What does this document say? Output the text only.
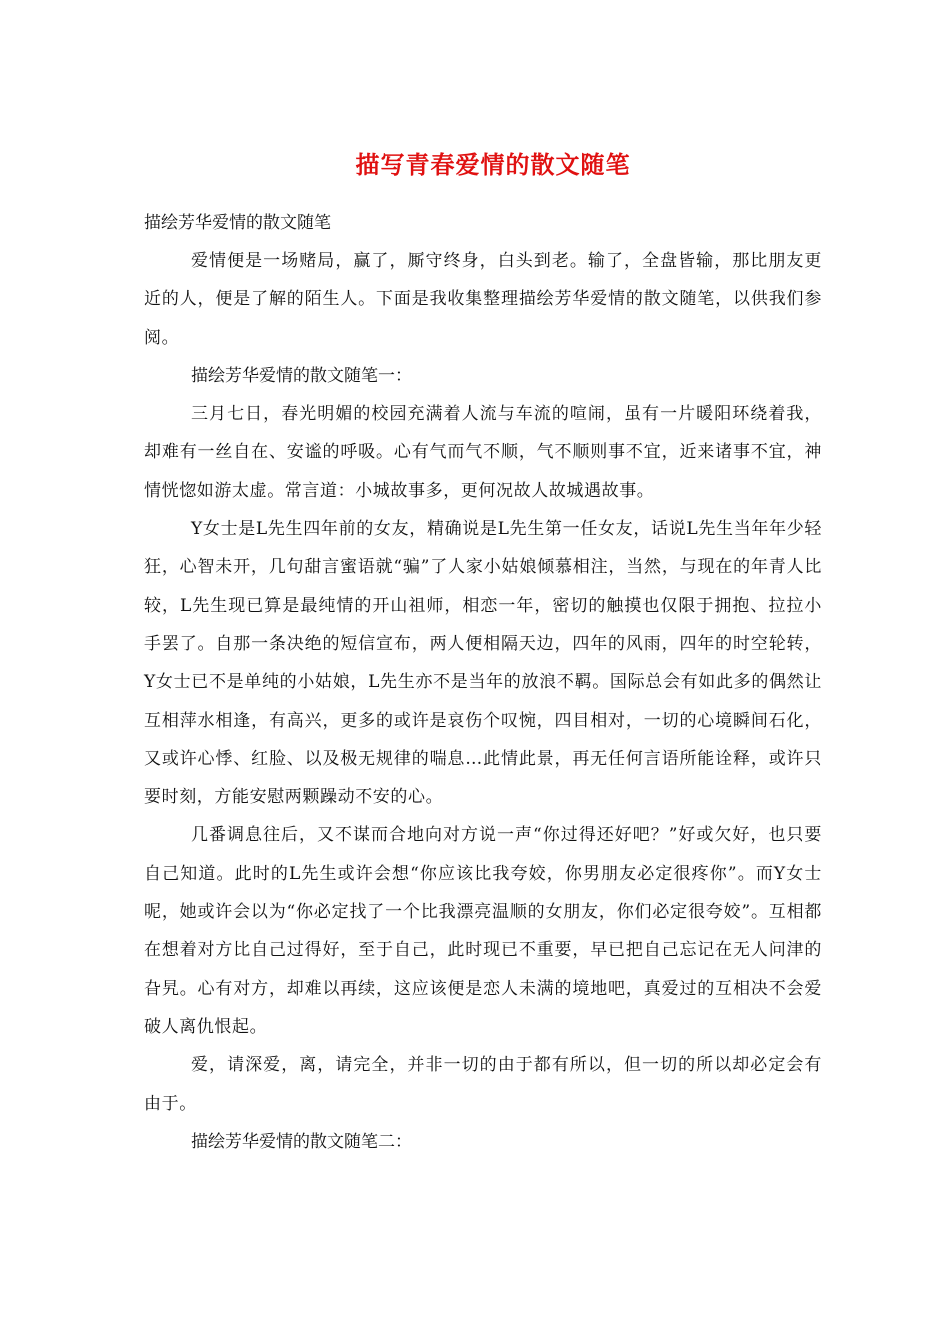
描写青春爱情的散文随笔

描绘芳华爱情的散文随笔

爱情便是一场赌局，赢了，厮守终身，白头到老。输了，全盘皆输，那比朋友更近的人，便是了解的陌生人。下面是我收集整理描绘芳华爱情的散文随笔，以供我们参阅。

描绘芳华爱情的散文随笔一：

三月七日，春光明媚的校园充满着人流与车流的喧闹，虽有一片暖阳环绕着我，却难有一丝自在、安谧的呼吸。心有气而气不顺，气不顺则事不宜，近来诸事不宜，神情恍惚如游太虚。常言道：小城故事多，更何况故人故城遇故事。

Y女士是L先生四年前的女友，精确说是L先生第一任女友，话说L先生当年年少轻狂，心智未开，几句甜言蜜语就“骗”了人家小姑娘倾慕相注，当然，与现在的年青人比较，L先生现已算是最纯情的开山祖师，相恋一年，密切的触摸也仅限于拥抱、拉拉小手罢了。自那一条决绝的短信宣布，两人便相隔天边，四年的风雨，四年的时空轮转，Y女士已不是单纯的小姑娘，L先生亦不是当年的放浪不羁。国际总会有如此多的偶然让互相萍水相逢，有高兴，更多的或许是哀伤个叹惋，四目相对，一切的心境瞬间石化，又或许心悸、红脸、以及极无规律的喘息…此情此景，再无任何言语所能诠释，或许只要时刻，方能安慰两颗躁动不安的心。

几番调息往后，又不谋而合地向对方说一声“你过得还好吧？”好或欠好，也只要自己知道。此时的L先生或许会想“你应该比我夸姣，你男朋友必定很疼你”。而Y女士呢，她或许会以为“你必定找了一个比我漂亮温顺的女朋友，你们必定很夸姣”。互相都在想着对方比自己过得好，至于自己，此时现已不重要，早已把自己忘记在无人问津的旮旯。心有对方，却难以再续，这应该便是恋人未满的境地吧，真爱过的互相决不会爱破人离仇恨起。

爱，请深爱，离，请完全，并非一切的由于都有所以，但一切的所以却必定会有由于。

描绘芳华爱情的散文随笔二：
